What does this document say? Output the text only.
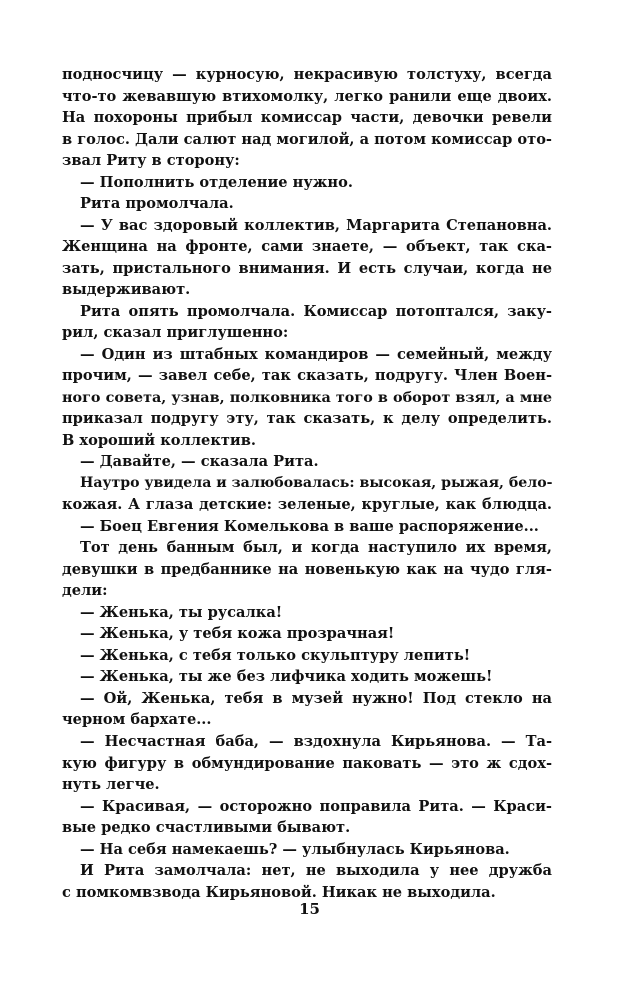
подносчицу — курносую, некрасивую толстуху, всегда
что-то жевавшую втихомолку, легко ранили еще двоих.
На похороны прибыл комиссар части, девочки ревели
в голос. Дали салют над могилой, а потом комиссар ото-
звал Риту в сторону:
— Пополнить отделение нужно.
Рита промолчала.
— У вас здоровый коллектив, Маргарита Степановна.
Женщина на фронте, сами знаете, — объект, так ска-
зать, пристального внимания. И есть случаи, когда не
выдерживают.
Рита опять промолчала. Комиссар потоптался, заку-
рил, сказал приглушенно:
— Один из штабных командиров — семейный, между
прочим, — завел себе, так сказать, подругу. Член Воен-
ного совета, узнав, полковника того в оборот взял, а мне
приказал подругу эту, так сказать, к делу определить.
В хороший коллектив.
— Давайте, — сказала Рита.
Наутро увидела и залюбовалась: высокая, рыжая, бело-
кожая. А глаза детские: зеленые, круглые, как блюдца.
— Боец Евгения Комелькова в ваше распоряжение...
Тот день банным был, и когда наступило их время,
девушки в предбаннике на новенькую как на чудо гля-
дели:
— Женька, ты русалка!
— Женька, у тебя кожа прозрачная!
— Женька, с тебя только скульптуру лепить!
— Женька, ты же без лифчика ходить можешь!
— Ой, Женька, тебя в музей нужно! Под стекло на
черном бархате...
— Несчастная баба, — вздохнула Кирьянова. — Та-
кую фигуру в обмундирование паковать — это ж сдох-
нуть легче.
— Красивая, — осторожно поправила Рита. — Краси-
вые редко счастливыми бывают.
— На себя намекаешь? — улыбнулась Кирьянова.
И Рита замолчала: нет, не выходила у нее дружба
с помкомвзвода Кирьяновой. Никак не выходила.
15
